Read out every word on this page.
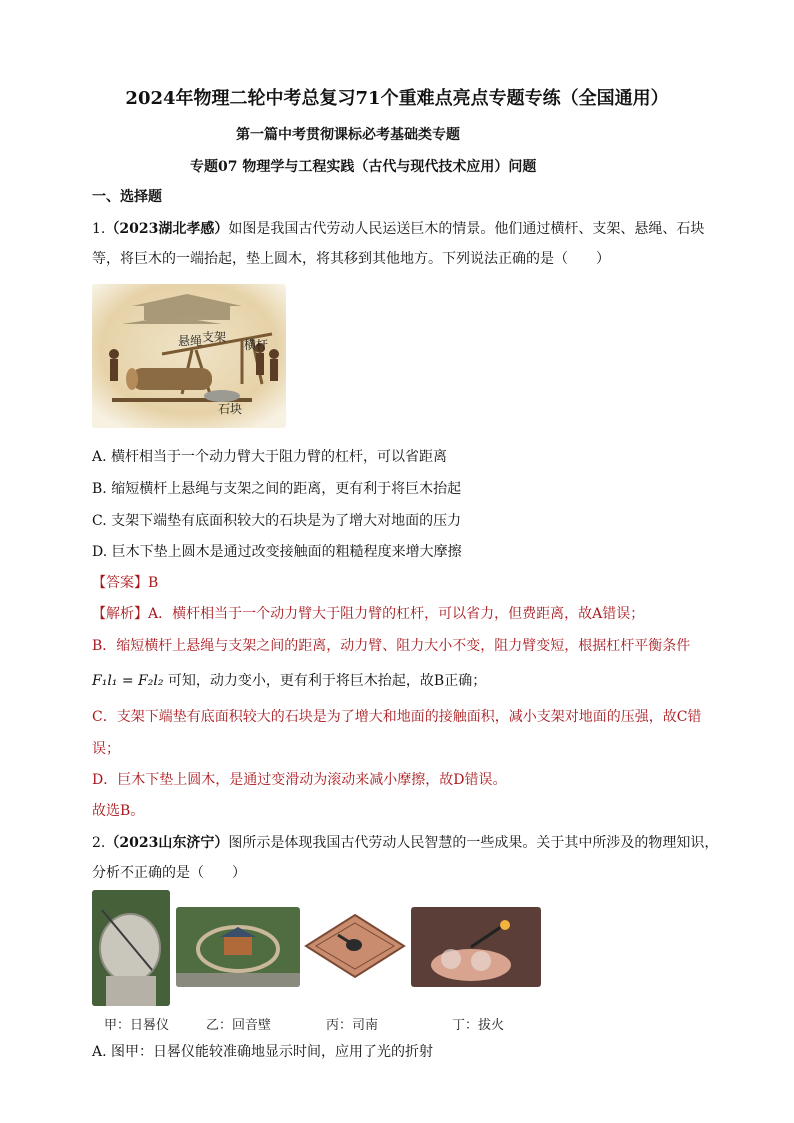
2024年物理二轮中考总复习71个重难点亮点专题专练（全国通用）
第一篇中考贯彻课标必考基础类专题
专题07 物理学与工程实践（古代与现代技术应用）问题
一、选择题
1.（2023湖北孝感）如图是我国古代劳动人民运送巨木的情景。他们通过横杆、支架、悬绳、石块
等，将巨木的一端抬起，垫上圆木，将其移到其他地方。下列说法正确的是（　　）
悬绳 支架
横杆
石块
A. 横杆相当于一个动力臂大于阻力臂的杠杆，可以省距离
B. 缩短横杆上悬绳与支架之间的距离，更有利于将巨木抬起
C. 支架下端垫有底面积较大的石块是为了增大对地面的压力
D. 巨木下垫上圆木是通过改变接触面的粗糙程度来增大摩擦
【答案】B
【解析】A．横杆相当于一个动力臂大于阻力臂的杠杆，可以省力，但费距离，故A错误；
B．缩短横杆上悬绳与支架之间的距离，动力臂、阻力大小不变，阻力臂变短，根据杠杆平衡条件
F₁l₁ = F₂l₂ 可知，动力变小，更有利于将巨木抬起，故B正确；
C．支架下端垫有底面积较大的石块是为了增大和地面的接触面积，减小支架对地面的压强，故C错
误；
D．巨木下垫上圆木，是通过变滑动为滚动来减小摩擦，故D错误。
故选B。
2.（2023山东济宁）图所示是体现我国古代劳动人民智慧的一些成果。关于其中所涉及的物理知识，
分析不正确的是（　　）
甲：日晷仪	乙：回音壁	丙：司南	丁：拔火
A. 图甲：日晷仪能较准确地显示时间，应用了光的折射
